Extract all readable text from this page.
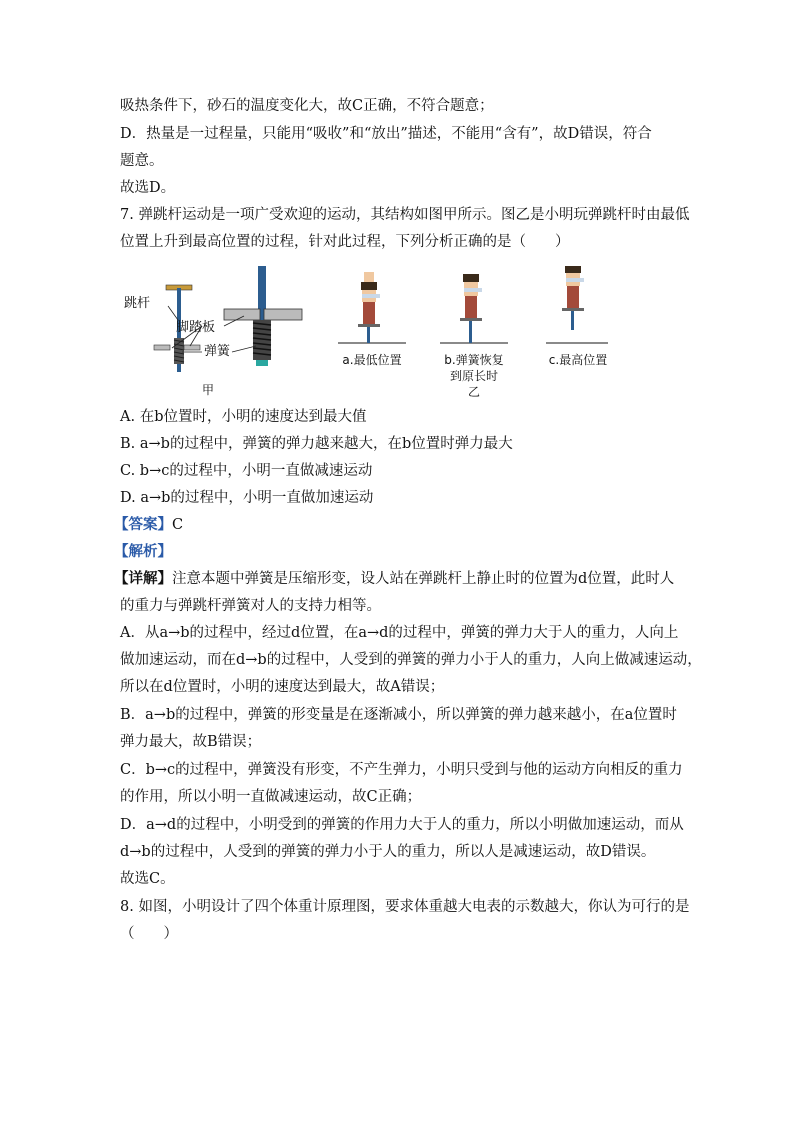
吸热条件下，砂石的温度变化大，故C正确，不符合题意；
D．热量是一过程量，只能用“吸收”和“放出”描述，不能用“含有”，故D错误，符合
题意。
故选D。
7. 弹跳杆运动是一项广受欢迎的运动，其结构如图甲所示。图乙是小明玩弹跳杆时由最低
位置上升到最高位置的过程，针对此过程，下列分析正确的是（　　）
跳杆
脚踏板
弹簧
甲
a.最低位置	b.弹簧恢复
到原长时
乙
c.最高位置
A. 在b位置时，小明的速度达到最大值
B. a→b的过程中，弹簧的弹力越来越大，在b位置时弹力最大
C. b→c的过程中，小明一直做减速运动
D. a→b的过程中，小明一直做加速运动
【答案】C
【解析】
【详解】注意本题中弹簧是压缩形变，设人站在弹跳杆上静止时的位置为d位置，此时人
的重力与弹跳杆弹簧对人的支持力相等。
A．从a→b的过程中，经过d位置，在a→d的过程中，弹簧的弹力大于人的重力，人向上
做加速运动，而在d→b的过程中，人受到的弹簧的弹力小于人的重力，人向上做减速运动，
所以在d位置时，小明的速度达到最大，故A错误；
B．a→b的过程中，弹簧的形变量是在逐渐减小，所以弹簧的弹力越来越小，在a位置时
弹力最大，故B错误；
C．b→c的过程中，弹簧没有形变，不产生弹力，小明只受到与他的运动方向相反的重力
的作用，所以小明一直做减速运动，故C正确；
D．a→d的过程中，小明受到的弹簧的作用力大于人的重力，所以小明做加速运动，而从
d→b的过程中，人受到的弹簧的弹力小于人的重力，所以人是减速运动，故D错误。
故选C。
8. 如图，小明设计了四个体重计原理图，要求体重越大电表的示数越大，你认为可行的是
（　　）
